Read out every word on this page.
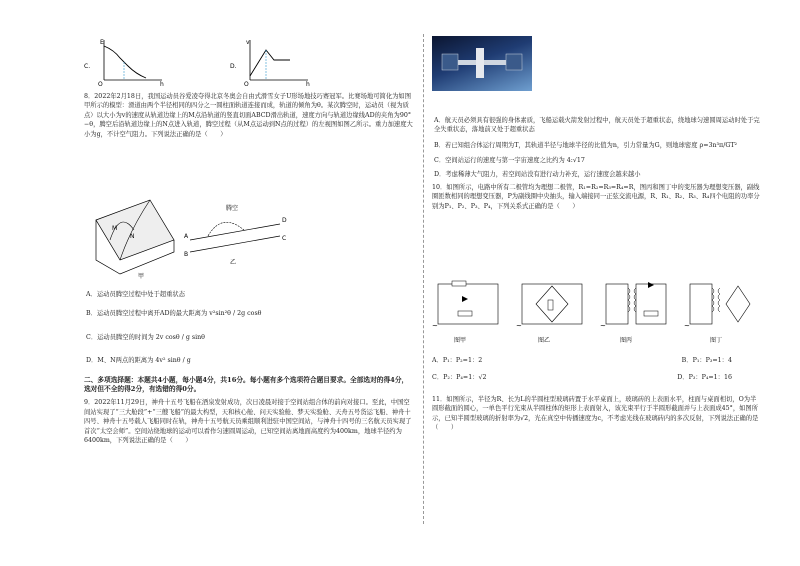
C.
E
h
O
D.
v
h
O

8．2022年2月18日，我国运动员谷爱凌夺得北京冬奥会自由式滑雪女子U形场地技巧赛冠军。比赛场地可简化为如图甲所示的模型：滑道由两个半径相同的四分之一圆柱面轨道连接而成，轨道的倾角为θ。某次腾空时，运动员（视为质点）以大小为v的速度从轨道边缘上的M点沿轨道的竖直切面ABCD滑出轨道，速度方向与轨道边缘线AD的夹角为90°−θ，腾空后沿轨道边缘上的N点进入轨道，腾空过程（从M点运动到N点的过程）的左视图如图乙所示。重力加速度大小为g，不计空气阻力。下列说法正确的是（　　）

M
N
甲
腾空
A
B
D
C
乙

A．运动员腾空过程中处于超重状态

B．运动员腾空过程中离开AD的最大距离为 v²sin²θ / 2g cosθ

C．运动员腾空的时间为 2v cosθ / g sinθ

D．M、N两点的距离为 4v² sinθ / g

二、多项选择题：本题共4小题，每小题4分，共16分。每小题有多个选项符合题目要求。全部选对的得4分，选对但不全的得2分，有选错的得0分。

9．2022年11月29日，神舟十五号飞船在酒泉发射成功，次日凌晨对接于空间站组合体的前向对接口。至此，中国空间站实现了“三大舱段”+“三艘飞船”的最大构型，天和核心舱、问天实验舱、梦天实验舱、天舟五号货运飞船、神舟十四号、神舟十五号载人飞船同时在轨，神舟十五号航天员乘组顺利进驻中国空间站，与神舟十四号的三名航天员实现了首次“太空会师”。空间站绕地球的运动可以看作匀速圆周运动，已知空间站离地面高度约为400km，地球半径约为6400km，下列说法正确的是（　　）

A．航天员必须具有很强的身体素质，飞船运载火箭发射过程中，航天员处于超重状态，绕地球匀速圆周运动时处于完全失重状态，落地前又处于超重状态

B．若已知组合体运行周期为T，其轨道半径与地球半径的比值为n，引力常量为G，则地球密度 ρ=3n³π/GT²

C．空间站运行的速度与第一宇宙速度之比约为 4:√17

D．考虑稀薄大气阻力，若空间站没有进行动力补充，运行速度会越来越小

10．如图所示，电路中所有二极管均为理想二极管，R₁=R₂=R₃=R₄=R，图丙和图丁中的变压器为理想变压器，副线圈匝数相同的理想变压器，P为副线圈中央抽头，输入端接同一正弦交流电源，R、R₁、R₂、R₃、R₄四个电阻的功率分别为P₁、P₂、P₃、P₄，下列关系式正确的是（　　）

~
图甲
~
图乙
~
图丙
~
图丁

A．P₁：P₂=1：2	B．P₁：P₃=1：4

C．P₂：P₄=1：√2	D．P₃：P₄=1：16

11．如图所示，半径为R、长为L的半圆柱型玻璃砖置于水平桌面上，玻璃砖的上表面水平，柱面与桌面相切，O为半圆形截面的圆心，一单色平行光束从半圆柱体的矩形上表面射入，该光束平行于半圆形截面并与上表面成45°，如图所示，已知半圆型玻璃的折射率为√2，光在真空中传播速度为c，不考虑光线在玻璃砖内的多次反射，下列说法正确的是（　　）
